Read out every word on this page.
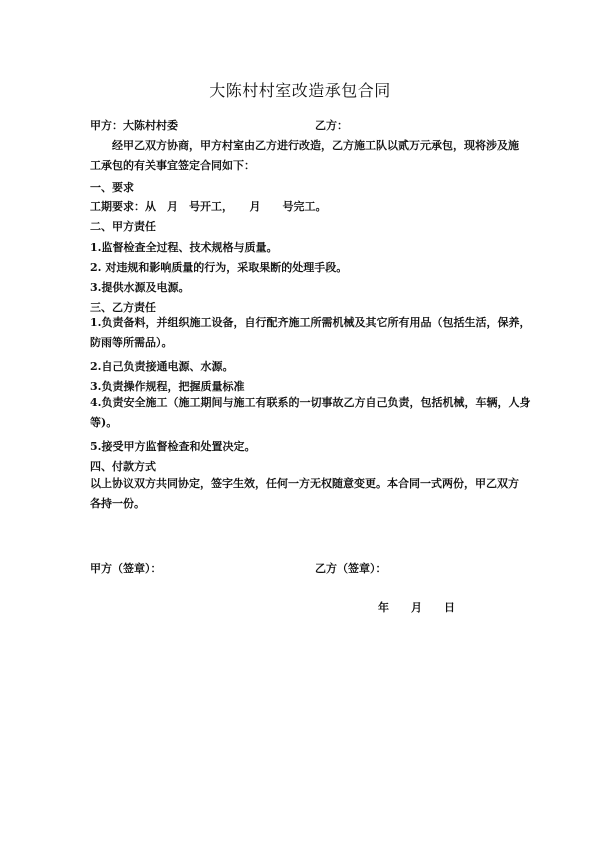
大陈村村室改造承包合同
甲方：大陈村村委	乙方：
经甲乙双方协商，甲方村室由乙方进行改造，乙方施工队以贰万元承包，现将涉及施
工承包的有关事宜签定合同如下：
一、要求
工期要求：从　月　号开工，　　月　　号完工。
二、甲方责任
1.监督检查全过程、技术规格与质量。
2. 对违规和影响质量的行为，采取果断的处理手段。
3.提供水源及电源。
三、乙方责任
1.负责备料，并组织施工设备，自行配齐施工所需机械及其它所有用品（包括生活，保养，
防雨等所需品）。
2.自己负责接通电源、水源。
3.负责操作规程，把握质量标准
4.负责安全施工（施工期间与施工有联系的一切事故乙方自己负责，包括机械，车辆，人身
等)。
5.接受甲方监督检查和处置决定。
四、付款方式
以上协议双方共同协定，签字生效，任何一方无权随意变更。本合同一式两份，甲乙双方
各持一份。
甲方（签章）：	乙方（签章）：
年　　月　　日
